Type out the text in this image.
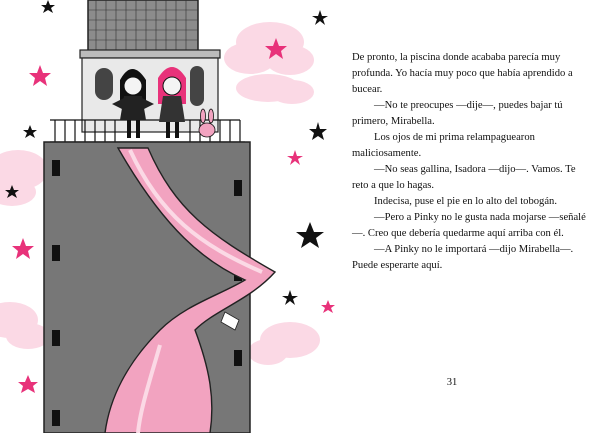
De pronto, la piscina donde acababa parecía muy profunda. Yo hacía muy poco que había aprendido a bucear.

—No te preocupes —dije—, puedes bajar tú primero, Mirabella.

Los ojos de mi prima relampaguearon maliciosamente.

—No seas gallina, Isadora —dijo—. Vamos. Te reto a que lo hagas.

Indecisa, puse el pie en lo alto del tobogán.

—Pero a Pinky no le gusta nada mojarse —señalé—. Creo que debería quedarme aquí arriba con él.

—A Pinky no le importará —dijo Mirabella—. Puede esperarte aquí.

31
